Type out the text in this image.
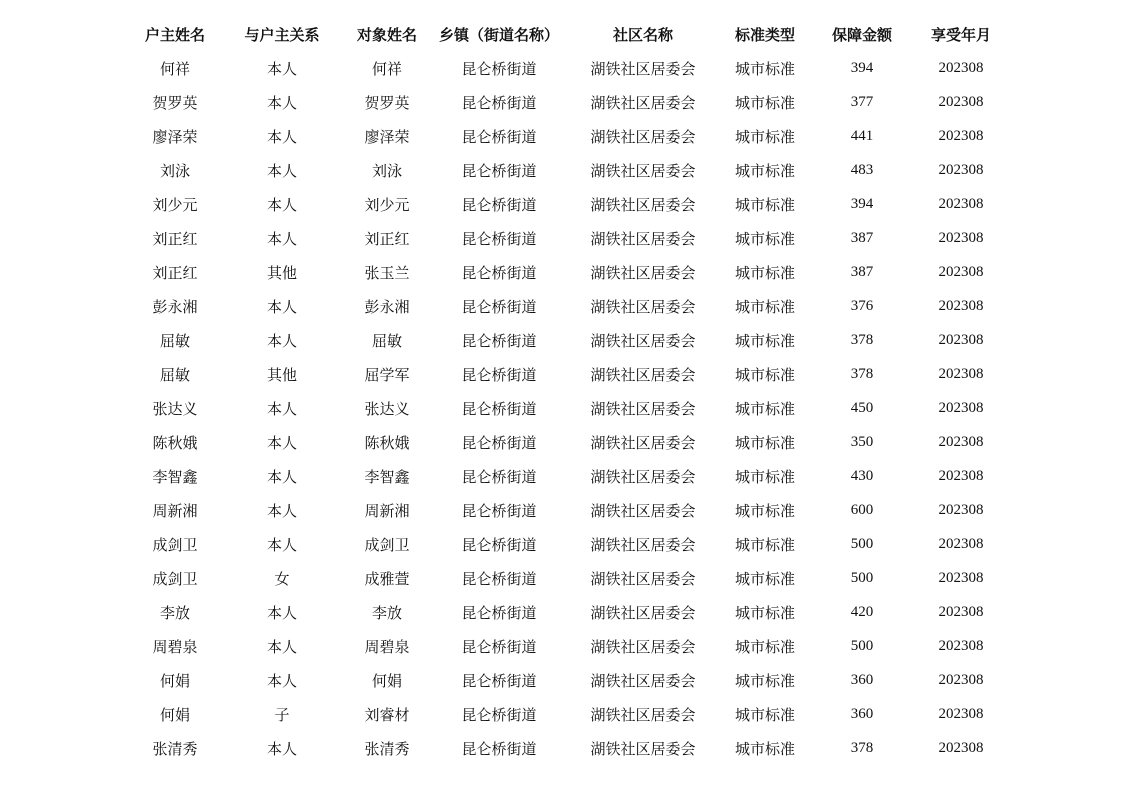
户主姓名	与户主关系	对象姓名	乡镇（街道名称）	社区名称	标准类型	保障金额	享受年月
何祥	本人	何祥	昆仑桥街道	湖铁社区居委会	城市标准	394	202308
贺罗英	本人	贺罗英	昆仑桥街道	湖铁社区居委会	城市标准	377	202308
廖泽荣	本人	廖泽荣	昆仑桥街道	湖铁社区居委会	城市标准	441	202308
刘泳	本人	刘泳	昆仑桥街道	湖铁社区居委会	城市标准	483	202308
刘少元	本人	刘少元	昆仑桥街道	湖铁社区居委会	城市标准	394	202308
刘正红	本人	刘正红	昆仑桥街道	湖铁社区居委会	城市标准	387	202308
刘正红	其他	张玉兰	昆仑桥街道	湖铁社区居委会	城市标准	387	202308
彭永湘	本人	彭永湘	昆仑桥街道	湖铁社区居委会	城市标准	376	202308
屈敏	本人	屈敏	昆仑桥街道	湖铁社区居委会	城市标准	378	202308
屈敏	其他	屈学军	昆仑桥街道	湖铁社区居委会	城市标准	378	202308
张达义	本人	张达义	昆仑桥街道	湖铁社区居委会	城市标准	450	202308
陈秋娥	本人	陈秋娥	昆仑桥街道	湖铁社区居委会	城市标准	350	202308
李智鑫	本人	李智鑫	昆仑桥街道	湖铁社区居委会	城市标准	430	202308
周新湘	本人	周新湘	昆仑桥街道	湖铁社区居委会	城市标准	600	202308
成剑卫	本人	成剑卫	昆仑桥街道	湖铁社区居委会	城市标准	500	202308
成剑卫	女	成雅萱	昆仑桥街道	湖铁社区居委会	城市标准	500	202308
李放	本人	李放	昆仑桥街道	湖铁社区居委会	城市标准	420	202308
周碧泉	本人	周碧泉	昆仑桥街道	湖铁社区居委会	城市标准	500	202308
何娟	本人	何娟	昆仑桥街道	湖铁社区居委会	城市标准	360	202308
何娟	子	刘睿材	昆仑桥街道	湖铁社区居委会	城市标准	360	202308
张清秀	本人	张清秀	昆仑桥街道	湖铁社区居委会	城市标准	378	202308
